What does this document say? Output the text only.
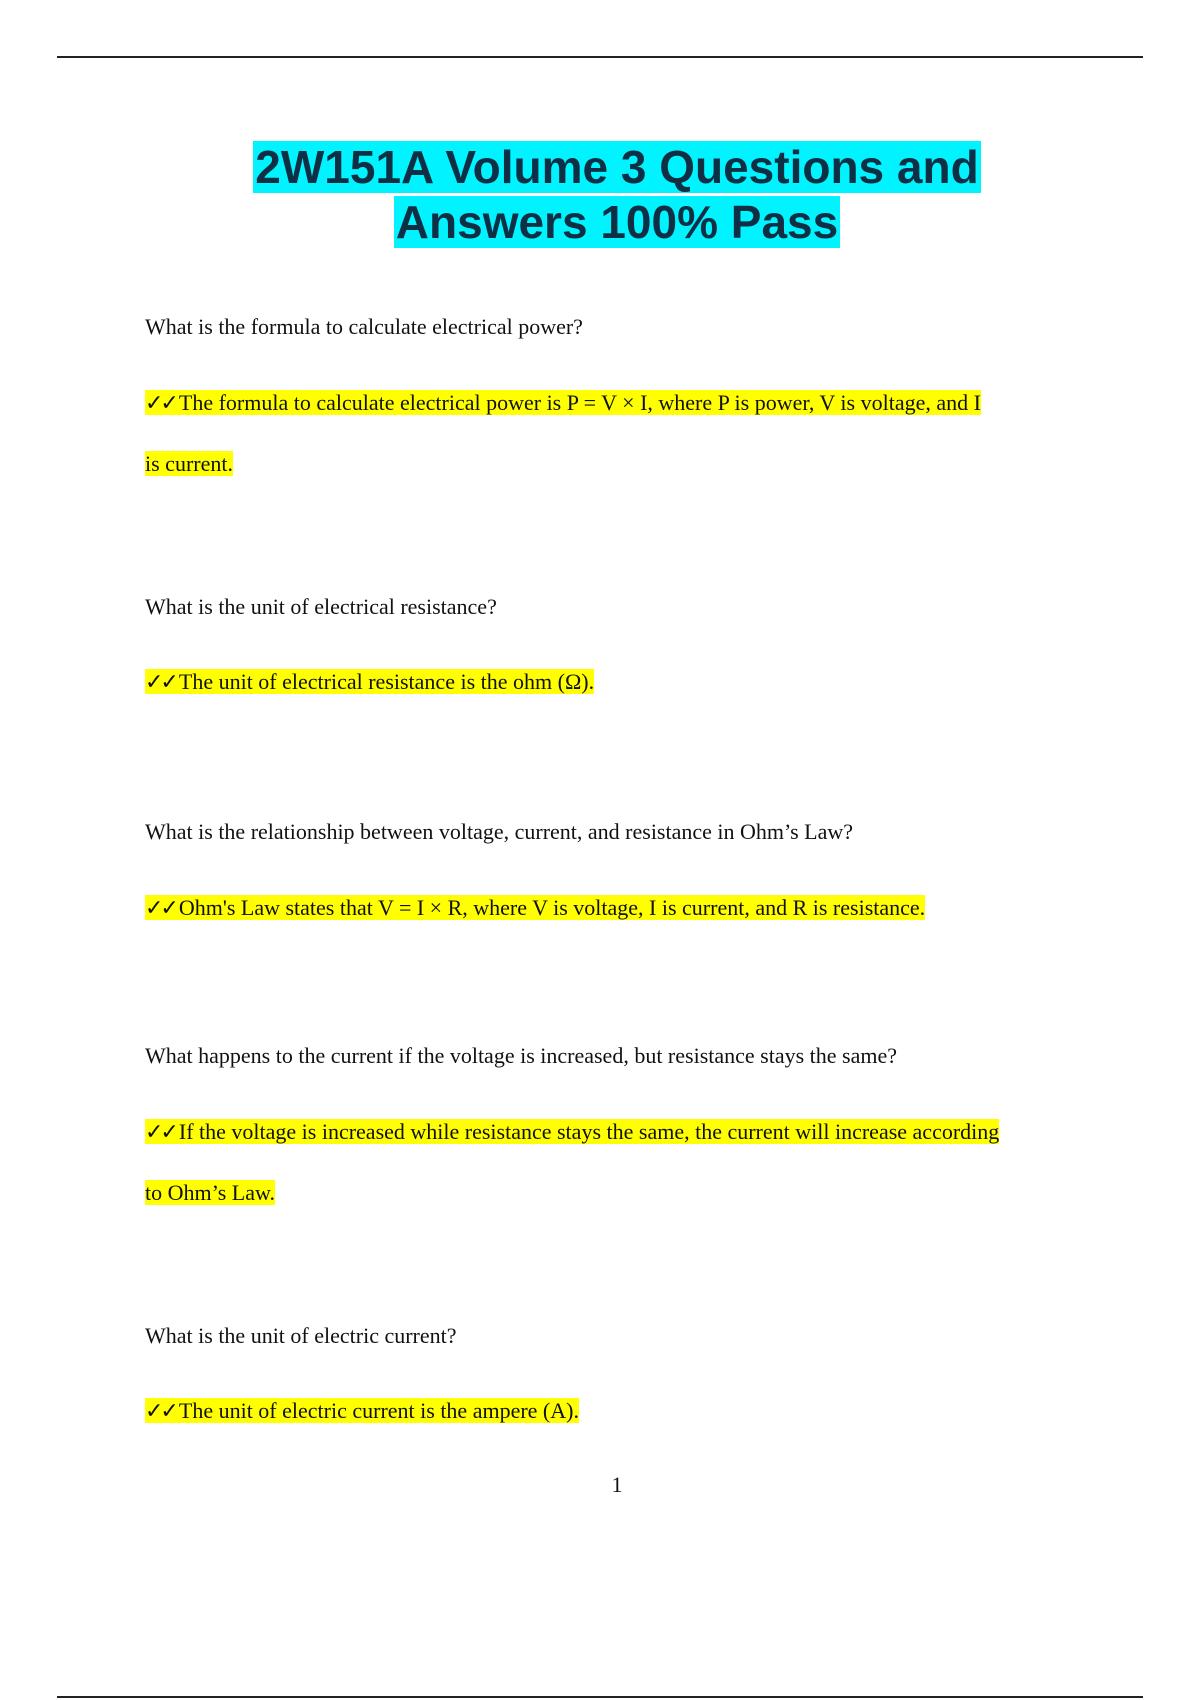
2W151A Volume 3 Questions and
Answers 100% Pass
What is the formula to calculate electrical power?
✓✓ The formula to calculate electrical power is P = V × I, where P is power, V is voltage, and I
is current.
What is the unit of electrical resistance?
✓✓ The unit of electrical resistance is the ohm (Ω).
What is the relationship between voltage, current, and resistance in Ohm’s Law?
✓✓ Ohm's Law states that V = I × R, where V is voltage, I is current, and R is resistance.
What happens to the current if the voltage is increased, but resistance stays the same?
✓✓ If the voltage is increased while resistance stays the same, the current will increase according
to Ohm’s Law.
What is the unit of electric current?
✓✓ The unit of electric current is the ampere (A).
1
